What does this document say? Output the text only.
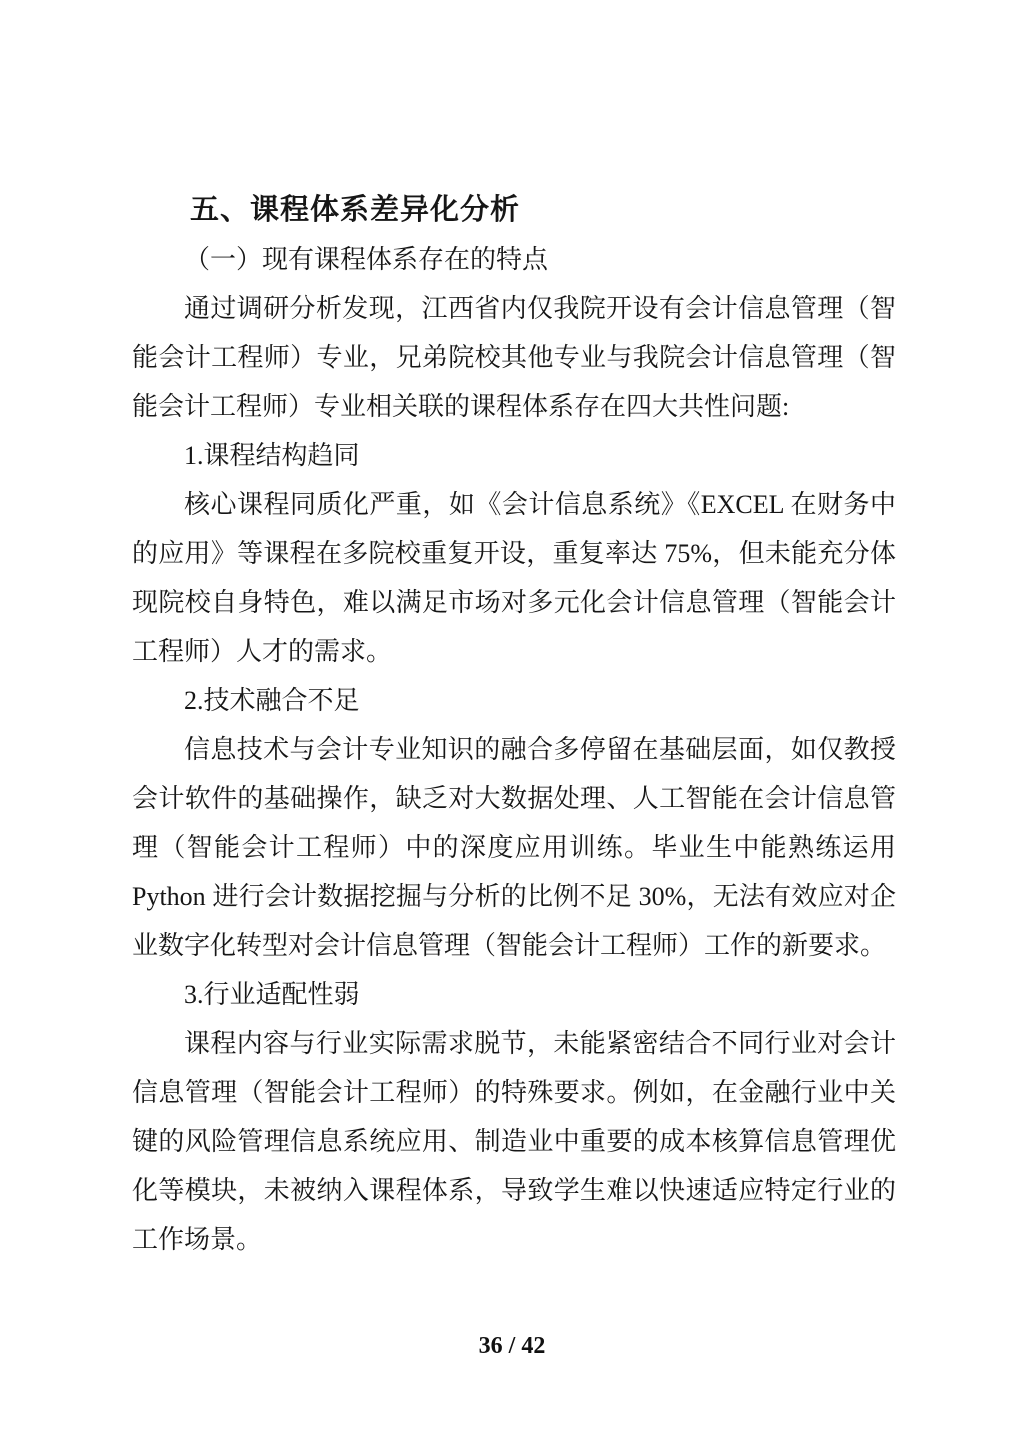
五、课程体系差异化分析

（一）现有课程体系存在的特点

通过调研分析发现，江西省内仅我院开设有会计信息管理（智能会计工程师）专业，兄弟院校其他专业与我院会计信息管理（智能会计工程师）专业相关联的课程体系存在四大共性问题:

1.课程结构趋同

核心课程同质化严重，如《会计信息系统》《EXCEL 在财务中的应用》等课程在多院校重复开设，重复率达 75%，但未能充分体现院校自身特色，难以满足市场对多元化会计信息管理（智能会计工程师）人才的需求。

2.技术融合不足

信息技术与会计专业知识的融合多停留在基础层面，如仅教授会计软件的基础操作，缺乏对大数据处理、人工智能在会计信息管理（智能会计工程师）中的深度应用训练。毕业生中能熟练运用 Python 进行会计数据挖掘与分析的比例不足 30%，无法有效应对企业数字化转型对会计信息管理（智能会计工程师）工作的新要求。

3.行业适配性弱

课程内容与行业实际需求脱节，未能紧密结合不同行业对会计信息管理（智能会计工程师）的特殊要求。例如，在金融行业中关键的风险管理信息系统应用、制造业中重要的成本核算信息管理优化等模块，未被纳入课程体系，导致学生难以快速适应特定行业的工作场景。

36 / 42
